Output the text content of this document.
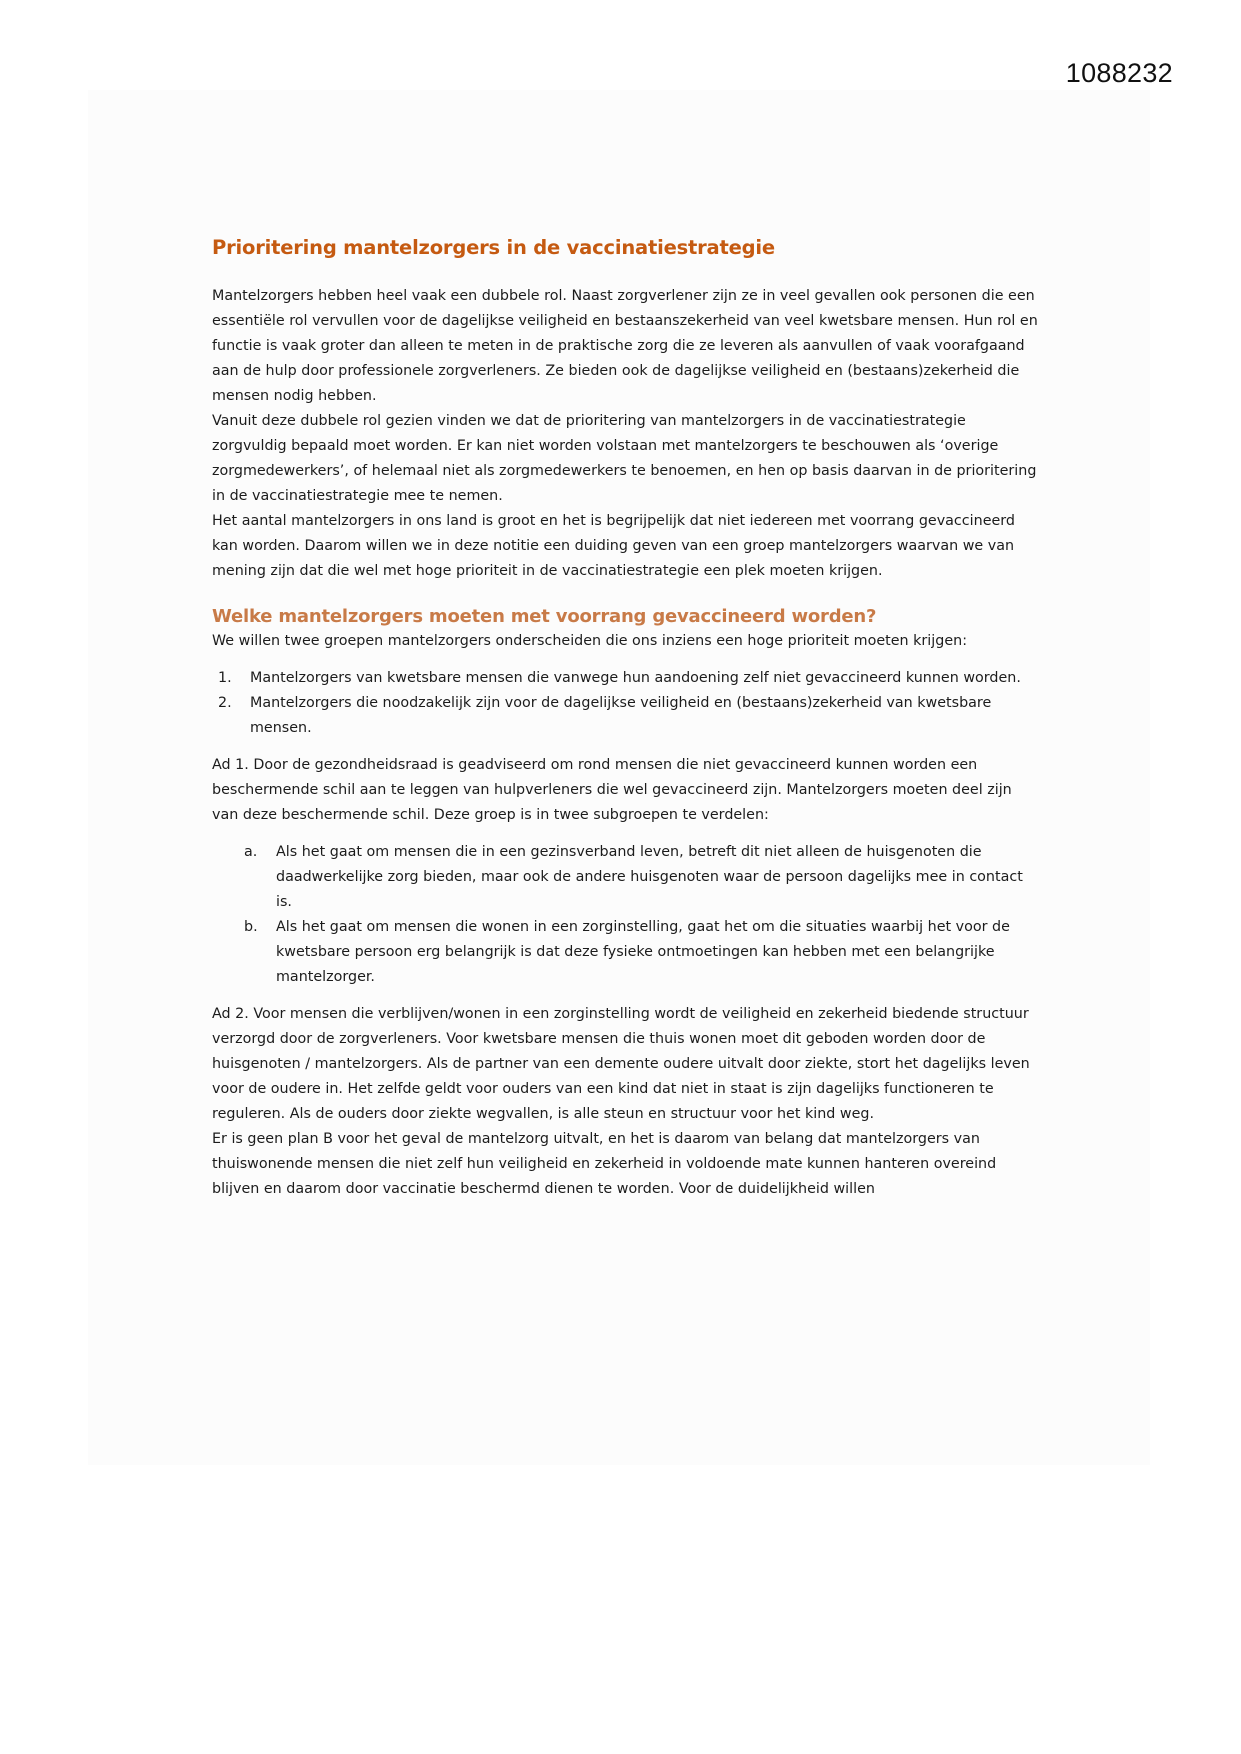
1088232
Prioritering mantelzorgers in de vaccinatiestrategie

Mantelzorgers hebben heel vaak een dubbele rol. Naast zorgverlener zijn ze in veel gevallen ook personen die een essentiële rol vervullen voor de dagelijkse veiligheid en bestaanszekerheid van veel kwetsbare mensen. Hun rol en functie is vaak groter dan alleen te meten in de praktische zorg die ze leveren als aanvullen of vaak voorafgaand aan de hulp door professionele zorgverleners. Ze bieden ook de dagelijkse veiligheid en (bestaans)zekerheid die mensen nodig hebben.

Vanuit deze dubbele rol gezien vinden we dat de prioritering van mantelzorgers in de vaccinatiestrategie zorgvuldig bepaald moet worden. Er kan niet worden volstaan met mantelzorgers te beschouwen als ‘overige zorgmedewerkers’, of helemaal niet als zorgmedewerkers te benoemen, en hen op basis daarvan in de prioritering in de vaccinatiestrategie mee te nemen.

Het aantal mantelzorgers in ons land is groot en het is begrijpelijk dat niet iedereen met voorrang gevaccineerd kan worden. Daarom willen we in deze notitie een duiding geven van een groep mantelzorgers waarvan we van mening zijn dat die wel met hoge prioriteit in de vaccinatiestrategie een plek moeten krijgen.

Welke mantelzorgers moeten met voorrang gevaccineerd worden?

We willen twee groepen mantelzorgers onderscheiden die ons inziens een hoge prioriteit moeten krijgen:

1. Mantelzorgers van kwetsbare mensen die vanwege hun aandoening zelf niet gevaccineerd kunnen worden.
2. Mantelzorgers die noodzakelijk zijn voor de dagelijkse veiligheid en (bestaans)zekerheid van kwetsbare mensen.

Ad 1. Door de gezondheidsraad is geadviseerd om rond mensen die niet gevaccineerd kunnen worden een beschermende schil aan te leggen van hulpverleners die wel gevaccineerd zijn. Mantelzorgers moeten deel zijn van deze beschermende schil. Deze groep is in twee subgroepen te verdelen:

a. Als het gaat om mensen die in een gezinsverband leven, betreft dit niet alleen de huisgenoten die daadwerkelijke zorg bieden, maar ook de andere huisgenoten waar de persoon dagelijks mee in contact is.
b. Als het gaat om mensen die wonen in een zorginstelling, gaat het om die situaties waarbij het voor de kwetsbare persoon erg belangrijk is dat deze fysieke ontmoetingen kan hebben met een belangrijke mantelzorger.

Ad 2. Voor mensen die verblijven/wonen in een zorginstelling wordt de veiligheid en zekerheid biedende structuur verzorgd door de zorgverleners. Voor kwetsbare mensen die thuis wonen moet dit geboden worden door de huisgenoten / mantelzorgers. Als de partner van een demente oudere uitvalt door ziekte, stort het dagelijks leven voor de oudere in. Het zelfde geldt voor ouders van een kind dat niet in staat is zijn dagelijks functioneren te reguleren. Als de ouders door ziekte wegvallen, is alle steun en structuur voor het kind weg.

Er is geen plan B voor het geval de mantelzorg uitvalt, en het is daarom van belang dat mantelzorgers van thuiswonende mensen die niet zelf hun veiligheid en zekerheid in voldoende mate kunnen hanteren overeind blijven en daarom door vaccinatie beschermd dienen te worden. Voor de duidelijkheid willen
